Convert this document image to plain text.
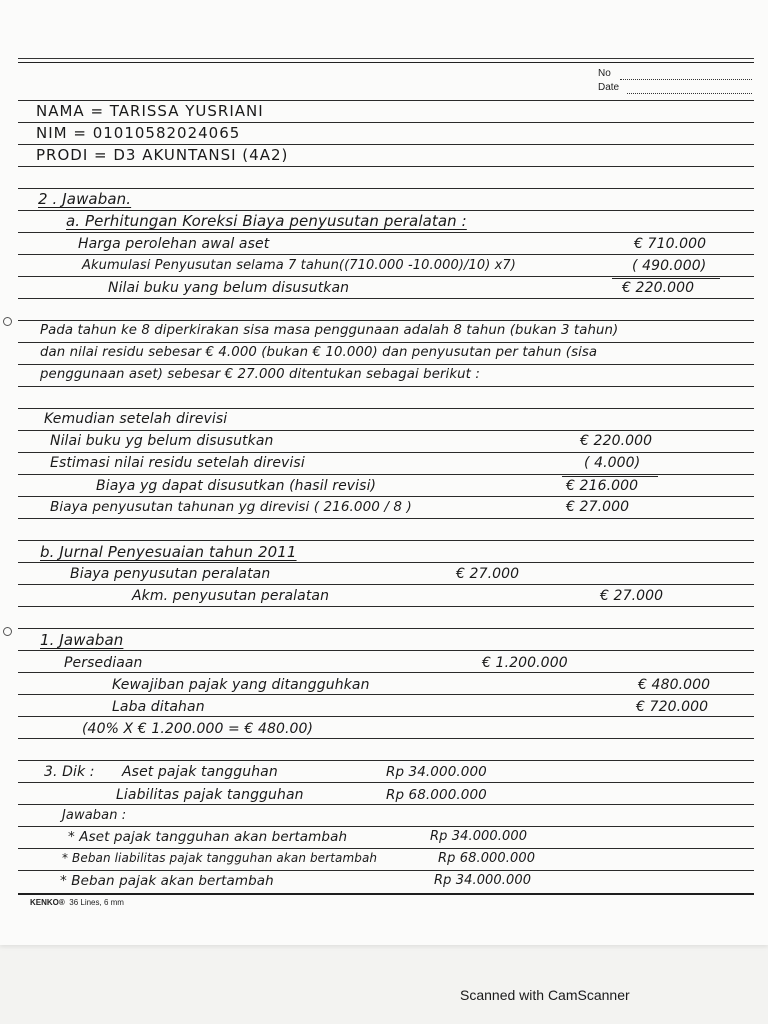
No
Date
NAMA = TARISSA YUSRIANI
NIM = 01010582024065
PRODI = D3 AKUNTANSI (4A2)
2 . Jawaban.
a. Perhitungan Koreksi Biaya penyusutan peralatan :
Harga perolehan awal aset	€ 710.000
Akumulasi Penyusutan selama 7 tahun((710.000 -10.000)/10) x7)	( 490.000)
Nilai buku yang belum disusutkan	€ 220.000
Pada tahun ke 8 diperkirakan sisa masa penggunaan adalah 8 tahun (bukan 3 tahun)
dan nilai residu sebesar € 4.000 (bukan € 10.000) dan penyusutan per tahun (sisa
penggunaan aset) sebesar € 27.000 ditentukan sebagai berikut :
Kemudian setelah direvisi
Nilai buku yg belum disusutkan	€ 220.000
Estimasi nilai residu setelah direvisi	( 4.000)
Biaya yg dapat disusutkan (hasil revisi)	€ 216.000
Biaya penyusutan tahunan yg direvisi ( 216.000 / 8 )	€ 27.000
b. Jurnal Penyesuaian tahun 2011
Biaya penyusutan peralatan	€ 27.000
Akm. penyusutan peralatan	€ 27.000
1. Jawaban
Persediaan	€ 1.200.000
Kewajiban pajak yang ditangguhkan	€ 480.000
Laba ditahan	€ 720.000
(40% X € 1.200.000 = € 480.00)
3. Dik : Aset pajak tangguhan	Rp 34.000.000
Liabilitas pajak tangguhan	Rp 68.000.000
Jawaban :
* Aset pajak tangguhan akan bertambah	Rp 34.000.000
* Beban liabilitas pajak tangguhan akan bertambah	Rp 68.000.000
* Beban pajak akan bertambah	Rp 34.000.000
KENKO® 36 Lines, 6 mm
Scanned with CamScanner
